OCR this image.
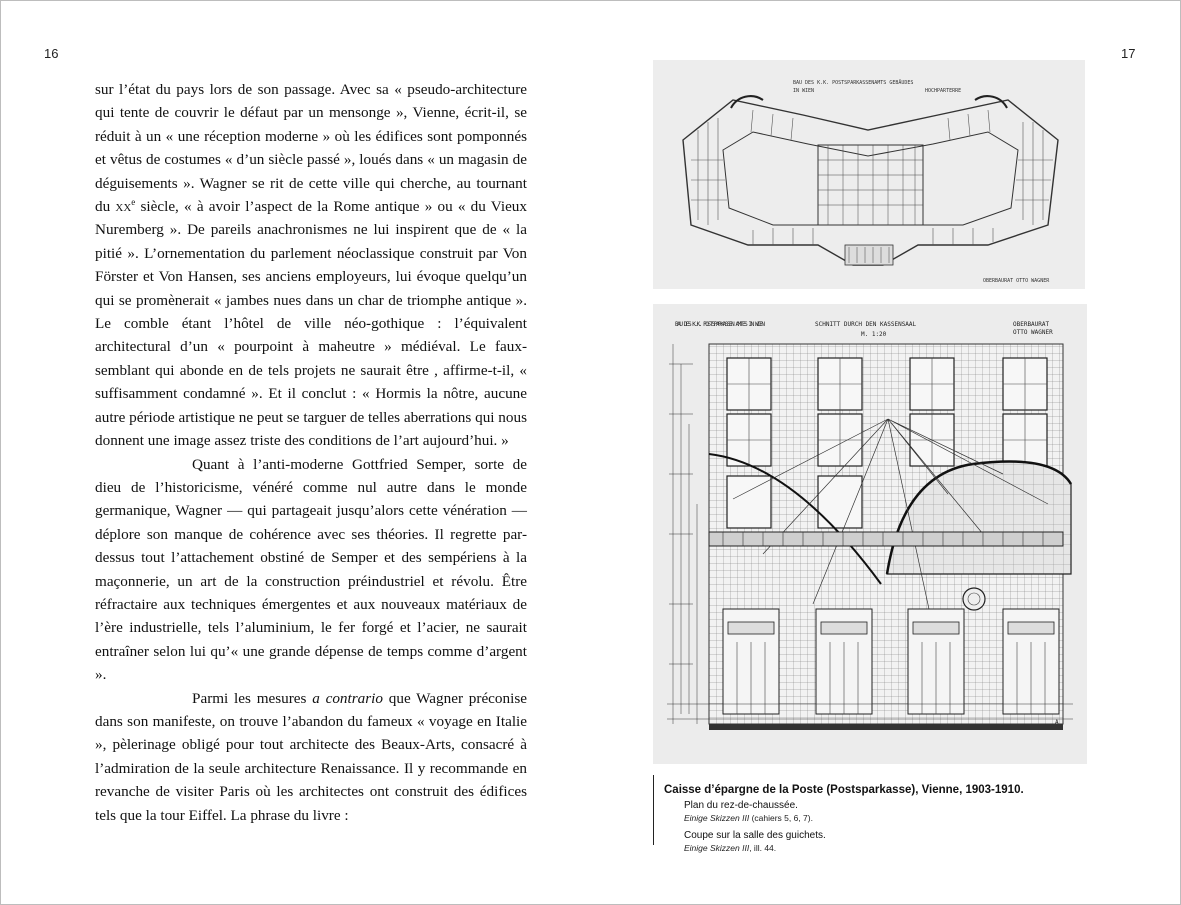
16	17

sur l’état du pays lors de son passage. Avec sa « pseudo-architecture qui tente de couvrir le défaut par un mensonge », Vienne, écrit-il, se réduit à un « une réception moderne » où les édifices sont pomponnés et vêtus de costumes « d’un siècle passé », loués dans « un magasin de déguisements ». Wagner se rit de cette ville qui cherche, au tournant du $xx^e$ siècle, « à avoir l’aspect de la Rome antique » ou « du Vieux Nuremberg ». De pareils anachronismes ne lui inspirent que de « la pitié ». L’ornementation du parlement néoclassique construit par Von Förster et Von Hansen, ses anciens employeurs, lui évoque quelqu’un qui se promènerait « jambes nues dans un char de triomphe antique ». Le comble étant l’hôtel de ville néo-gothique : l’équivalent architectural d’un « pourpoint à maheutre » médiéval. Le faux-semblant qui abonde en de tels projets ne saurait être , affirme-t-il, « suffisamment condamné ». Et il conclut : « Hormis la nôtre, aucune autre période artistique ne peut se targuer de telles aberrations qui nous donnent une image assez triste des conditions de l’art aujourd’hui. »

Quant à l’anti-moderne Gottfried Semper, sorte de dieu de l’historicisme, vénéré comme nul autre dans le monde germanique, Wagner — qui partageait jusqu’alors cette vénération — déplore son manque de cohérence avec ses théories. Il regrette par-dessus tout l’attachement obstiné de Semper et des sempériens à la maçonnerie, un art de la construction préindustriel et révolu. Être réfractaire aux techniques émergentes et aux nouveaux matériaux de l’ère industrielle, tels l’aluminium, le fer forgé et l’acier, ne saurait entraîner selon lui qu’« une grande dépense de temps comme d’argent ».

Parmi les mesures a contrario que Wagner préconise dans son manifeste, on trouve l’abandon du fameux « voyage en Italie », pèlerinage obligé pour tout architecte des Beaux-Arts, consacré à l’admiration de la seule architecture Renaissance. Il y recommande en revanche de visiter Paris où les architectes ont construit des édifices tels que la tour Eiffel. La phrase du livre :

BAU DES K.K. POSTSPARKASSENAMTS GEBÄUDES
IN WIEN	HOCHPARTERRE
OBERBAURAT OTTO WAGNER
BAU DES K.K. POSTSPARKASSEN AMTES IN WIEN	SCHNITT DURCH DEN KASSENSAAL
M. 1:20
OBERBAURAT
OTTO WAGNER
A

Caisse d’épargne de la Poste (Postsparkasse), Vienne, 1903-1910.

Plan du rez-de-chaussée.

Einige Skizzen III (cahiers 5, 6, 7).

Coupe sur la salle des guichets.

Einige Skizzen III, ill. 44.
